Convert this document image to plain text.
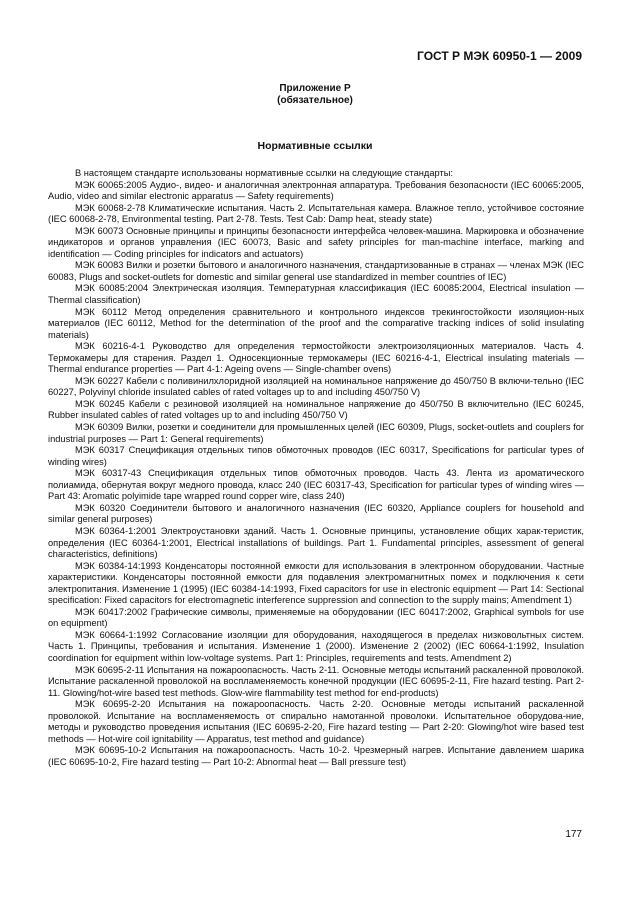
ГОСТ Р МЭК 60950-1 — 2009
Приложение Р
(обязательное)
Нормативные ссылки

В настоящем стандарте использованы нормативные ссылки на следующие стандарты:

МЭК 60065:2005 Аудио-, видео- и аналогичная электронная аппаратура. Требования безопасности (IEC 60065:2005, Audio, video and similar electronic apparatus — Safety requirements)

МЭК 60068-2-78 Климатические испытания. Часть 2. Испытательная камера. Влажное тепло, устойчивое состояние (IEC 60068-2-78, Environmental testing. Part 2-78. Tests. Test Cab: Damp heat, steady state)

МЭК 60073 Основные принципы и принципы безопасности интерфейса человек-машина. Маркировка и обозначение индикаторов и органов управления (IEC 60073, Basic and safety principles for man-machine interface, marking and identification — Coding principles for indicators and actuators)

МЭК 60083 Вилки и розетки бытового и аналогичного назначения, стандартизованные в странах — членах МЭК (IEC 60083, Plugs and socket-outlets for domestic and similar general use standardized in member countries of IEC)

МЭК 60085:2004 Электрическая изоляция. Температурная классификация (IEC 60085:2004, Electrical insulation — Thermal classification)

МЭК 60112 Метод определения сравнительного и контрольного индексов трекингостойкости изоляцион-ных материалов (IEC 60112, Method for the determination of the proof and the comparative tracking indices of solid insulating materials)

МЭК 60216-4-1 Руководство для определения термостойкости электроизоляционных материалов. Часть 4. Термокамеры для старения. Раздел 1. Односекционные термокамеры (IEC 60216-4-1, Electrical insulating materials — Thermal endurance properties — Part 4-1: Ageing ovens — Single-chamber ovens)

МЭК 60227 Кабели с поливинилхлоридной изоляцией на номинальное напряжение до 450/750 В включи-тельно (IEC 60227, Polyvinyl chloride insulated cables of rated voltages up to and including 450/750 V)

МЭК 60245 Кабели с резиновой изоляцией на номинальное напряжение до 450/750 В включительно (IEC 60245, Rubber insulated cables of rated voltages up to and including 450/750 V)

МЭК 60309 Вилки, розетки и соединители для промышленных целей (IEC 60309, Plugs, socket-outlets and couplers for industrial purposes — Part 1: General requirements)

МЭК 60317 Спецификация отдельных типов обмоточных проводов (IEC 60317, Specifications for particular types of winding wires)

МЭК 60317-43 Спецификация отдельных типов обмоточных проводов. Часть 43. Лента из ароматического полиамида, обернутая вокруг медного провода, класс 240 (IEC 60317-43, Specification for particular types of winding wires — Part 43: Aromatic polyimide tape wrapped round copper wire, class 240)

МЭК 60320 Соединители бытового и аналогичного назначения (IEC 60320, Appliance couplers for household and similar general purposes)

МЭК 60364-1:2001 Электроустановки зданий. Часть 1. Основные принципы, установление общих харак-теристик, определения (IEC 60364-1:2001, Electrical installations of buildings. Part 1. Fundamental principles, assessment of general characteristics, definitions)

МЭК 60384-14:1993 Конденсаторы постоянной емкости для использования в электронном оборудовании. Частные характеристики. Конденсаторы постоянной емкости для подавления электромагнитных помех и подключения к сети электропитания. Изменение 1 (1995) (IEC 60384-14:1993, Fixed capacitors for use in electronic equipment — Part 14: Sectional specification: Fixed capacitors for electromagnetic interference suppression and connection to the supply mains; Amendment 1)

МЭК 60417:2002 Графические символы, применяемые на оборудовании (IEC 60417:2002, Graphical symbols for use on equipment)

МЭК 60664-1:1992 Согласование изоляции для оборудования, находящегося в пределах низковольтных систем. Часть 1. Принципы, требования и испытания. Изменение 1 (2000). Изменение 2 (2002) (IEC 60664-1:1992, Insulation coordination for equipment within low-voltage systems. Part 1: Principles, requirements and tests. Amendment 2)

МЭК 60695-2-11 Испытания на пожароопасность. Часть 2-11. Основные методы испытаний раскаленной проволокой. Испытание раскаленной проволокой на воспламеняемость конечной продукции (IEC 60695-2-11, Fire hazard testing. Part 2-11. Glowing/hot-wire based test methods. Glow-wire flammability test method for end-products)

МЭК 60695-2-20 Испытания на пожароопасность. Часть 2-20. Основные методы испытаний раскаленной проволокой. Испытание на воспламеняемость от спирально намотанной проволоки. Испытательное оборудова-ние, методы и руководство проведения испытания (IEC 60695-2-20, Fire hazard testing — Part 2-20: Glowing/hot wire based test methods — Hot-wire coil ignitability — Apparatus, test method and guidance)

МЭК 60695-10-2 Испытания на пожароопасность. Часть 10-2. Чрезмерный нагрев. Испытание давлением шарика (IEC 60695-10-2, Fire hazard testing — Part 10-2: Abnormal heat — Ball pressure test)

177
